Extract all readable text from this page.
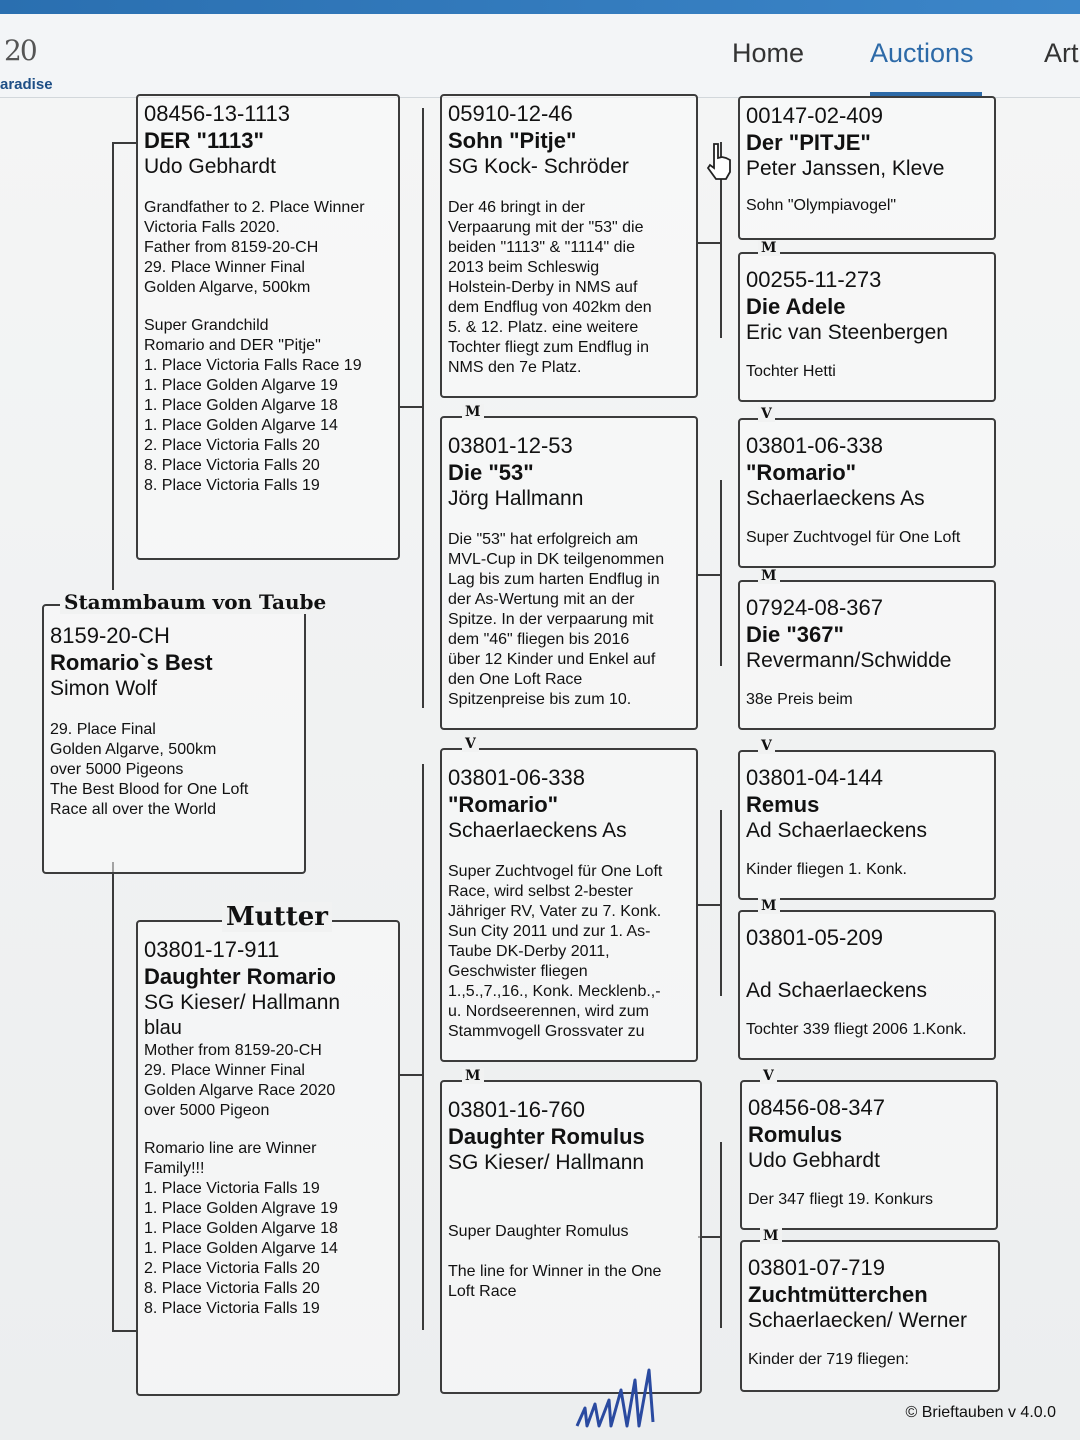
20
aradise
Home Auctions	Art
08456-13-1113
DER "1113"
Udo Gebhardt

Grandfather to 2. Place Winner

Victoria Falls 2020.

Father from 8159-20-CH

29. Place Winner Final

Golden Algarve, 500km

Super Grandchild

Romario and DER "Pitje"

1. Place Victoria Falls Race 19

1. Place Golden Algarve 19

1. Place Golden Algarve 18

1. Place Golden Algarve 14

2. Place Victoria Falls 20

8. Place Victoria Falls 20

8. Place Victoria Falls 19

8159-20-CH
Romario`s Best
Simon Wolf

29. Place Final

Golden Algarve, 500km

over 5000 Pigeons

The Best Blood for One Loft

Race all over the World

Stammbaum von Taube
03801-17-911
Daughter Romario
SG Kieser/ Hallmann
blau

Mother from 8159-20-CH

29. Place Winner Final

Golden Algarve Race 2020

over 5000 Pigeon

Romario line are Winner

Family!!!

1. Place Victoria Falls 19

1. Place Golden Algrave 19

1. Place Golden Algarve 18

1. Place Golden Algarve 14

2. Place Victoria Falls 20

8. Place Victoria Falls 20

8. Place Victoria Falls 19

Mutter
05910-12-46
Sohn "Pitje"
SG Kock- Schröder

Der 46 bringt in der

Verpaarung mit der "53" die

beiden "1113" & "1114" die

2013 beim Schleswig

Holstein-Derby in NMS auf

dem Endflug von 402km den

5. & 12. Platz. eine weitere

Tochter fliegt zum Endflug in

NMS den 7e Platz.

03801-12-53
Die "53"
Jörg Hallmann

Die "53" hat erfolgreich am

MVL-Cup in DK teilgenommen

Lag bis zum harten Endflug in

der As-Wertung mit an der

Spitze. In der verpaarung mit

dem "46" fliegen bis 2016

über 12 Kinder und Enkel auf

den One Loft Race

Spitzenpreise bis zum 10.

M
03801-06-338
"Romario"
Schaerlaeckens As

Super Zuchtvogel für One Loft

Race, wird selbst 2-bester

Jähriger RV, Vater zu 7. Konk.

Sun City 2011 und zur 1. As-

Taube DK-Derby 2011,

Geschwister fliegen

1.,5.,7.,16., Konk. Mecklenb.,-

u. Nordseerennen, wird zum

Stammvogell Grossvater zu

V
03801-16-760
Daughter Romulus
SG Kieser/ Hallmann

Super Daughter Romulus

The line for Winner in the One

Loft Race

M
00147-02-409
Der "PITJE"
Peter Janssen, Kleve
Sohn "Olympiavogel"
00255-11-273
Die Adele
Eric van Steenbergen
Tochter Hetti
M
03801-06-338
"Romario"
Schaerlaeckens As
Super Zuchtvogel für One Loft
V
07924-08-367
Die "367"
Revermann/Schwidde
38e Preis beim
M
03801-04-144
Remus
Ad Schaerlaeckens
Kinder fliegen 1. Konk.
V
03801-05-209

Ad Schaerlaeckens
Tochter 339 fliegt 2006 1.Konk.
M
08456-08-347
Romulus
Udo Gebhardt
Der 347 fliegt 19. Konkurs
V
03801-07-719
Zuchtmütterchen
Schaerlaecken/ Werner
Kinder der 719 fliegen:
M
© Brieftauben v 4.0.0
